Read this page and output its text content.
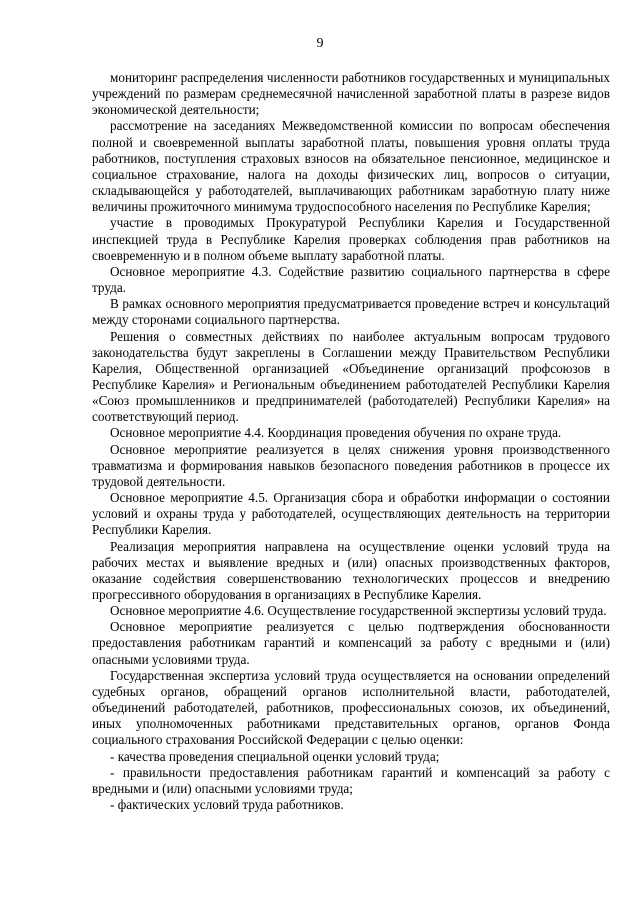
9

мониторинг распределения численности работников государственных и муниципальных учреждений по размерам среднемесячной начисленной заработной платы в разрезе видов экономической деятельности;

рассмотрение на заседаниях Межведомственной комиссии по вопросам обеспечения полной и своевременной выплаты заработной платы, повышения уровня оплаты труда работников, поступления страховых взносов на обязательное пенсионное, медицинское и социальное страхование, налога на доходы физических лиц, вопросов о ситуации, складывающейся у работодателей, выплачивающих работникам заработную плату ниже величины прожиточного минимума трудоспособного населения по Республике Карелия;

участие в проводимых Прокуратурой Республики Карелия и Государственной инспекцией труда в Республике Карелия проверках соблюдения прав работников на своевременную и в полном объеме выплату заработной платы.

Основное мероприятие 4.3. Содействие развитию социального партнерства в сфере труда.

В рамках основного мероприятия предусматривается проведение встреч и консультаций между сторонами социального партнерства.

Решения о совместных действиях по наиболее актуальным вопросам трудового законодательства будут закреплены в Соглашении между Правительством Республики Карелия, Общественной организацией «Объединение организаций профсоюзов в Республике Карелия» и Региональным объединением работодателей Республики Карелия «Союз промышленников и предпринимателей (работодателей) Республики Карелия» на соответствующий период.

Основное мероприятие 4.4. Координация проведения обучения по охране труда.

Основное мероприятие реализуется в целях снижения уровня производственного травматизма и формирования навыков безопасного поведения работников в процессе их трудовой деятельности.

Основное мероприятие 4.5. Организация сбора и обработки информации о состоянии условий и охраны труда у работодателей, осуществляющих деятельность на территории Республики Карелия.

Реализация мероприятия направлена на осуществление оценки условий труда на рабочих местах и выявление вредных и (или) опасных производственных факторов, оказание содействия совершенствованию технологических процессов и внедрению прогрессивного оборудования в организациях в Республике Карелия.

Основное мероприятие 4.6. Осуществление государственной экспертизы условий труда.

Основное мероприятие реализуется с целью подтверждения обоснованности предоставления работникам гарантий и компенсаций за работу с вредными и (или) опасными условиями труда.

Государственная экспертиза условий труда осуществляется на основании определений судебных органов, обращений органов исполнительной власти, работодателей, объединений работодателей, работников, профессиональных союзов, их объединений, иных уполномоченных работниками представительных органов, органов Фонда социального страхования Российской Федерации с целью оценки:

- качества проведения специальной оценки условий труда;

- правильности предоставления работникам гарантий и компенсаций за работу с вредными и (или) опасными условиями труда;

- фактических условий труда работников.
